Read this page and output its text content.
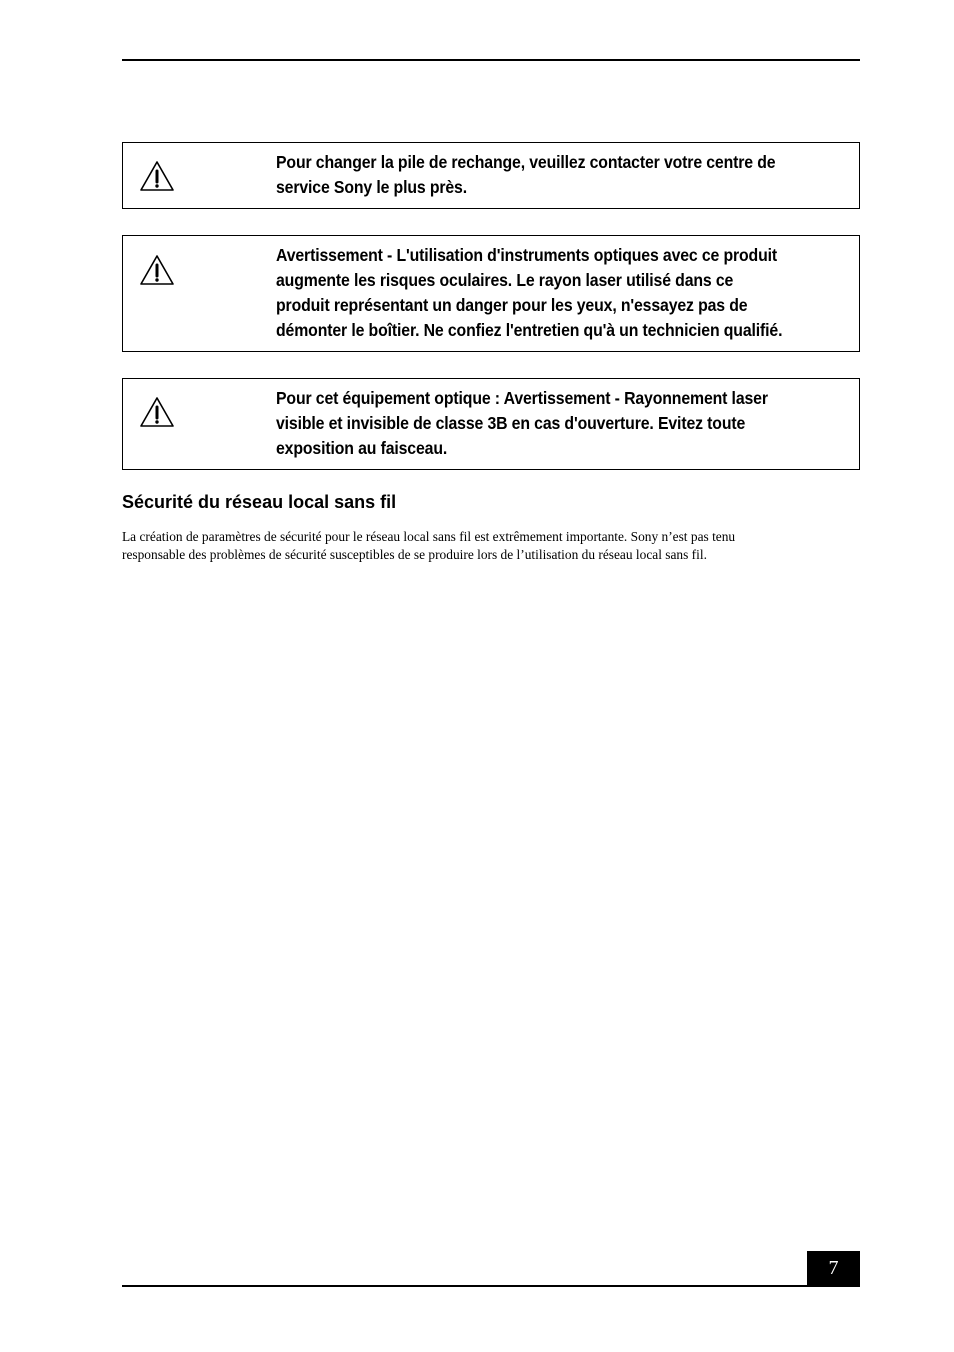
Pour changer la pile de rechange, veuillez contacter votre centre de
service Sony le plus près.
Avertissement - L'utilisation d'instruments optiques avec ce produit
augmente les risques oculaires. Le rayon laser utilisé dans ce
produit représentant un danger pour les yeux, n'essayez pas de
démonter le boîtier. Ne confiez l'entretien qu'à un technicien qualifié.
Pour cet équipement optique : Avertissement - Rayonnement laser
visible et invisible de classe 3B en cas d'ouverture. Evitez toute
exposition au faisceau.
Sécurité du réseau local sans fil
La création de paramètres de sécurité pour le réseau local sans fil est extrêmement importante. Sony n’est pas tenu
responsable des problèmes de sécurité susceptibles de se produire lors de l’utilisation du réseau local sans fil.
7
